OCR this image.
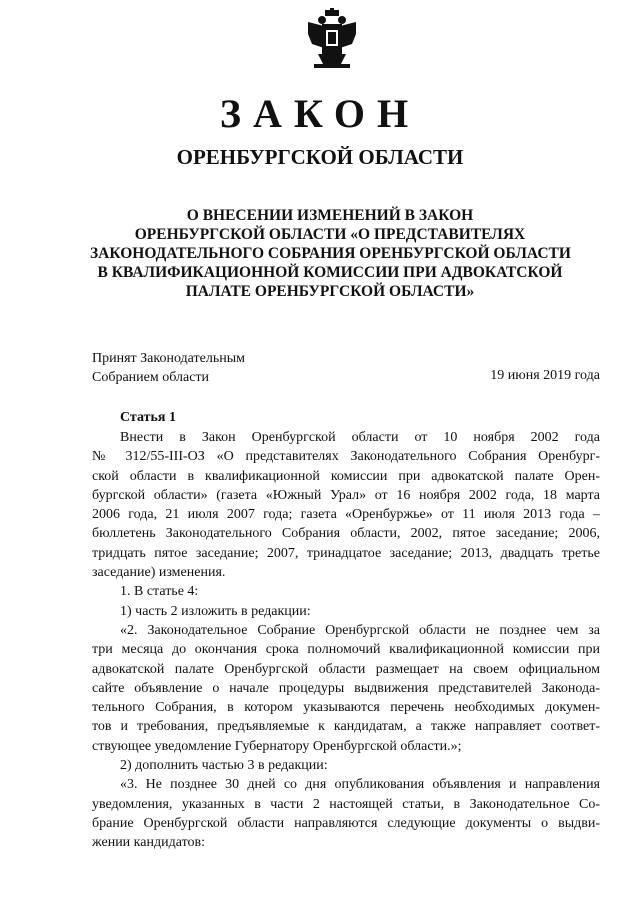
ЗАКОН
ОРЕНБУРГСКОЙ ОБЛАСТИ
О ВНЕСЕНИИ ИЗМЕНЕНИЙ В ЗАКОН
ОРЕНБУРГСКОЙ ОБЛАСТИ «О ПРЕДСТАВИТЕЛЯХ
ЗАКОНОДАТЕЛЬНОГО СОБРАНИЯ ОРЕНБУРГСКОЙ ОБЛАСТИ
В КВАЛИФИКАЦИОННОЙ КОМИССИИ ПРИ АДВОКАТСКОЙ
ПАЛАТЕ ОРЕНБУРГСКОЙ ОБЛАСТИ»
Принят Законодательным
Собранием области	19 июня 2019 года
Статья 1
Внести в Закон Оренбургской области от 10 ноября 2002 года
№ 312/55-III-ОЗ «О представителях Законодательного Собрания Оренбург-
ской области в квалификационной комиссии при адвокатской палате Орен-
бургской области» (газета «Южный Урал» от 16 ноября 2002 года, 18 марта
2006 года, 21 июля 2007 года; газета «Оренбуржье» от 11 июля 2013 года –
бюллетень Законодательного Собрания области, 2002, пятое заседание; 2006,
тридцать пятое заседание; 2007, тринадцатое заседание; 2013, двадцать третье
заседание) изменения.
1. В статье 4:
1) часть 2 изложить в редакции:
«2. Законодательное Собрание Оренбургской области не позднее чем за
три месяца до окончания срока полномочий квалификационной комиссии при
адвокатской палате Оренбургской области размещает на своем официальном
сайте объявление о начале процедуры выдвижения представителей Законода-
тельного Собрания, в котором указываются перечень необходимых докумен-
тов и требования, предъявляемые к кандидатам, а также направляет соответ-
ствующее уведомление Губернатору Оренбургской области.»;
2) дополнить частью 3 в редакции:
«3. Не позднее 30 дней со дня опубликования объявления и направления
уведомления, указанных в части 2 настоящей статьи, в Законодательное Со-
брание Оренбургской области направляются следующие документы о выдви-
жении кандидатов:
